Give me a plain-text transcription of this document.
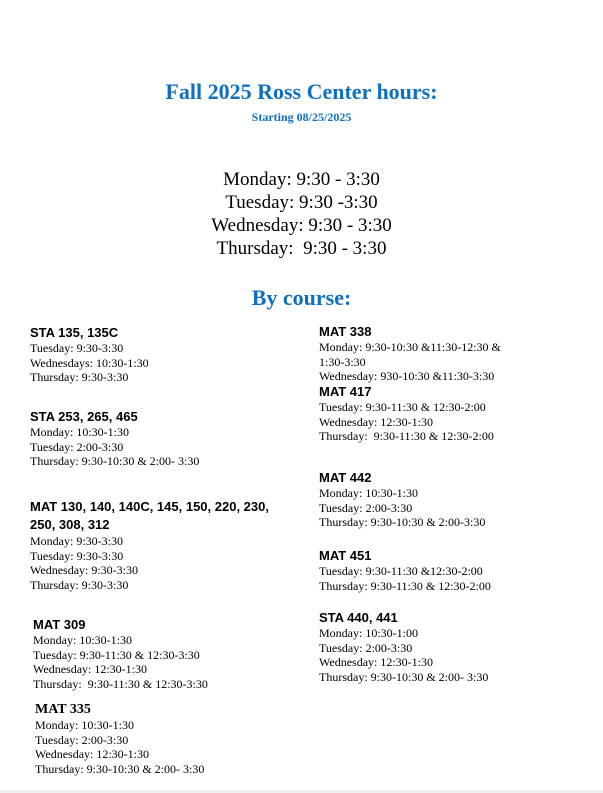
Fall 2025 Ross Center hours:
Starting 08/25/2025
Monday: 9:30 - 3:30
Tuesday: 9:30 -3:30
Wednesday: 9:30 - 3:30
Thursday:  9:30 - 3:30
By course:
STA 135, 135C
Tuesday: 9:30-3:30
Wednesdays: 10:30-1:30
Thursday: 9:30-3:30
STA 253, 265, 465
Monday: 10:30-1:30
Tuesday: 2:00-3:30
Thursday: 9:30-10:30 & 2:00- 3:30
MAT 130, 140, 140C, 145, 150, 220, 230, 250, 308, 312
Monday: 9:30-3:30
Tuesday: 9:30-3:30
Wednesday: 9:30-3:30
Thursday: 9:30-3:30
MAT 309
Monday: 10:30-1:30
Tuesday: 9:30-11:30 & 12:30-3:30
Wednesday: 12:30-1:30
Thursday:  9:30-11:30 & 12:30-3:30
MAT 335
Monday: 10:30-1:30
Tuesday: 2:00-3:30
Wednesday: 12:30-1:30
Thursday: 9:30-10:30 & 2:00- 3:30
MAT 338
Monday: 9:30-10:30 &11:30-12:30 & 1:30-3:30
Wednesday: 930-10:30 &11:30-3:30
MAT 417
Tuesday: 9:30-11:30 & 12:30-2:00
Wednesday: 12:30-1:30
Thursday:  9:30-11:30 & 12:30-2:00
MAT 442
Monday: 10:30-1:30
Tuesday: 2:00-3:30
Thursday: 9:30-10:30 & 2:00-3:30
MAT 451
Tuesday: 9:30-11:30 &12:30-2:00
Thursday: 9:30-11:30 & 12:30-2:00
STA 440, 441
Monday: 10:30-1:00
Tuesday: 2:00-3:30
Wednesday: 12:30-1:30
Thursday: 9:30-10:30 & 2:00- 3:30
